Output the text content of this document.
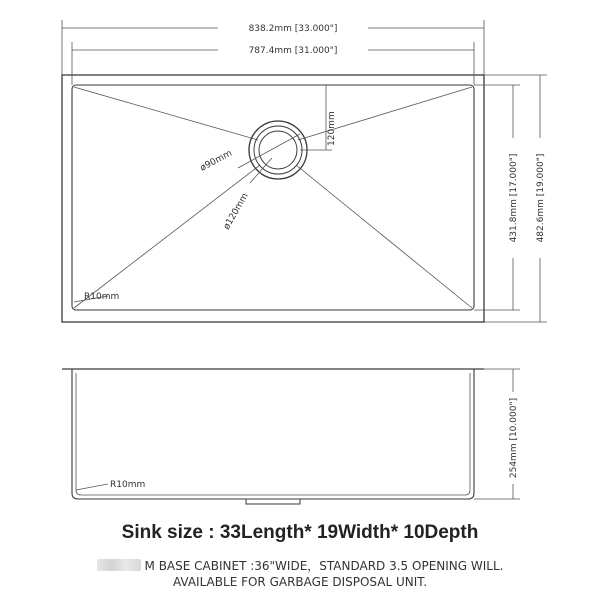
ø90mm
ø120mm
120mm
R10mm
838.2mm [33.000"]
787.4mm [31.000"]
431.8mm [17.000"] 482.6mm [19.000"]
R10mm
254mm [10.000"]
Sink size : 33Length* 19Width* 10Depth
M BASE CABINET :36"WIDE，STANDARD 3.5 OPENING WILL.
AVAILABLE FOR GARBAGE DISPOSAL UNIT.
